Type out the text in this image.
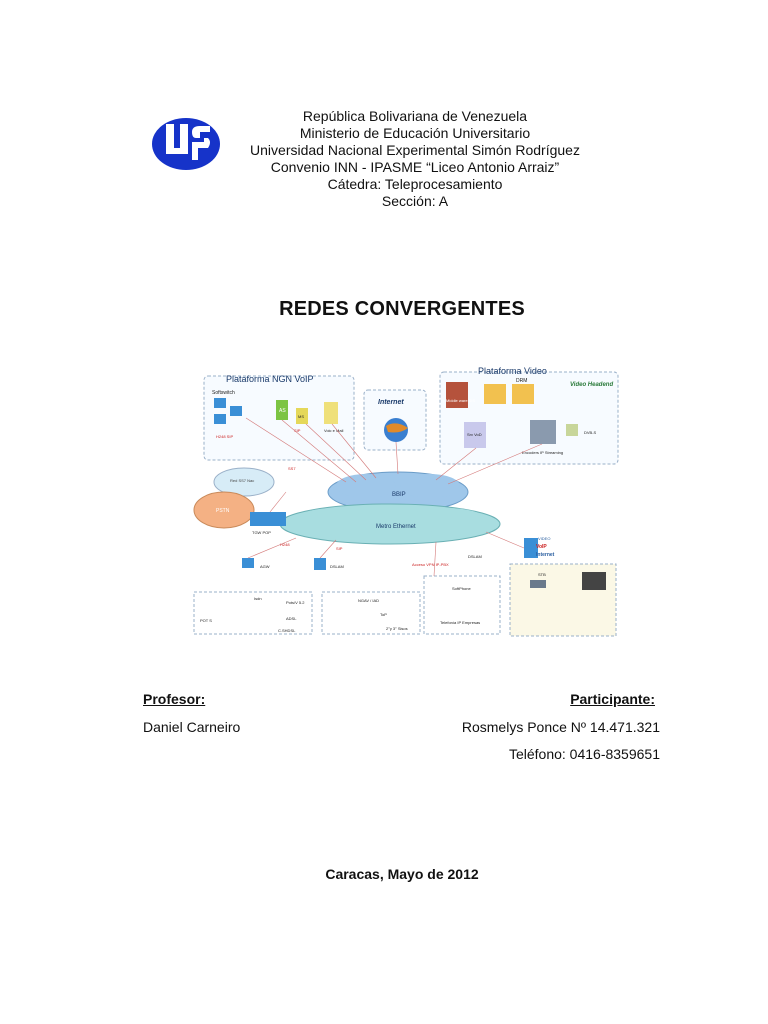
República Bolivariana de Venezuela
Ministerio de Educación Universitario
Universidad Nacional Experimental Simón Rodríguez
Convenio INN - IPASME “Liceo Antonio Arraiz”
Cátedra: Teleprocesamiento
Sección: A
REDES CONVERGENTES
Plataforma NGN VoIP
Softswitch
AS
MS
Voic e Mail
H248 SIP
SIP
Internet
Plataforma Video
Video Headend
Middle ware SIS
DRM
Srv VoD
Encoders IP Streaming
DVB-S
BBIP
Metro Ethernet
Red SS7 Nac
PSTN
SS7
TGW POP
H248
AGW	DSLAM
SIP
POT S
Isdn
Pots/V 5.2
ADSL
C.SHDSL
NGAV / IAD
ToP
2°y 3° Sisos
SoftPhone
Telefonía IP Empresas
Acceso VPN IP-PBX
DSLAM
VIDEO
VoIP
Internet
STB
Profesor:
Daniel Carneiro
Participante:
Rosmelys Ponce Nº 14.471.321
Teléfono: 0416-8359651
Caracas, Mayo de 2012
